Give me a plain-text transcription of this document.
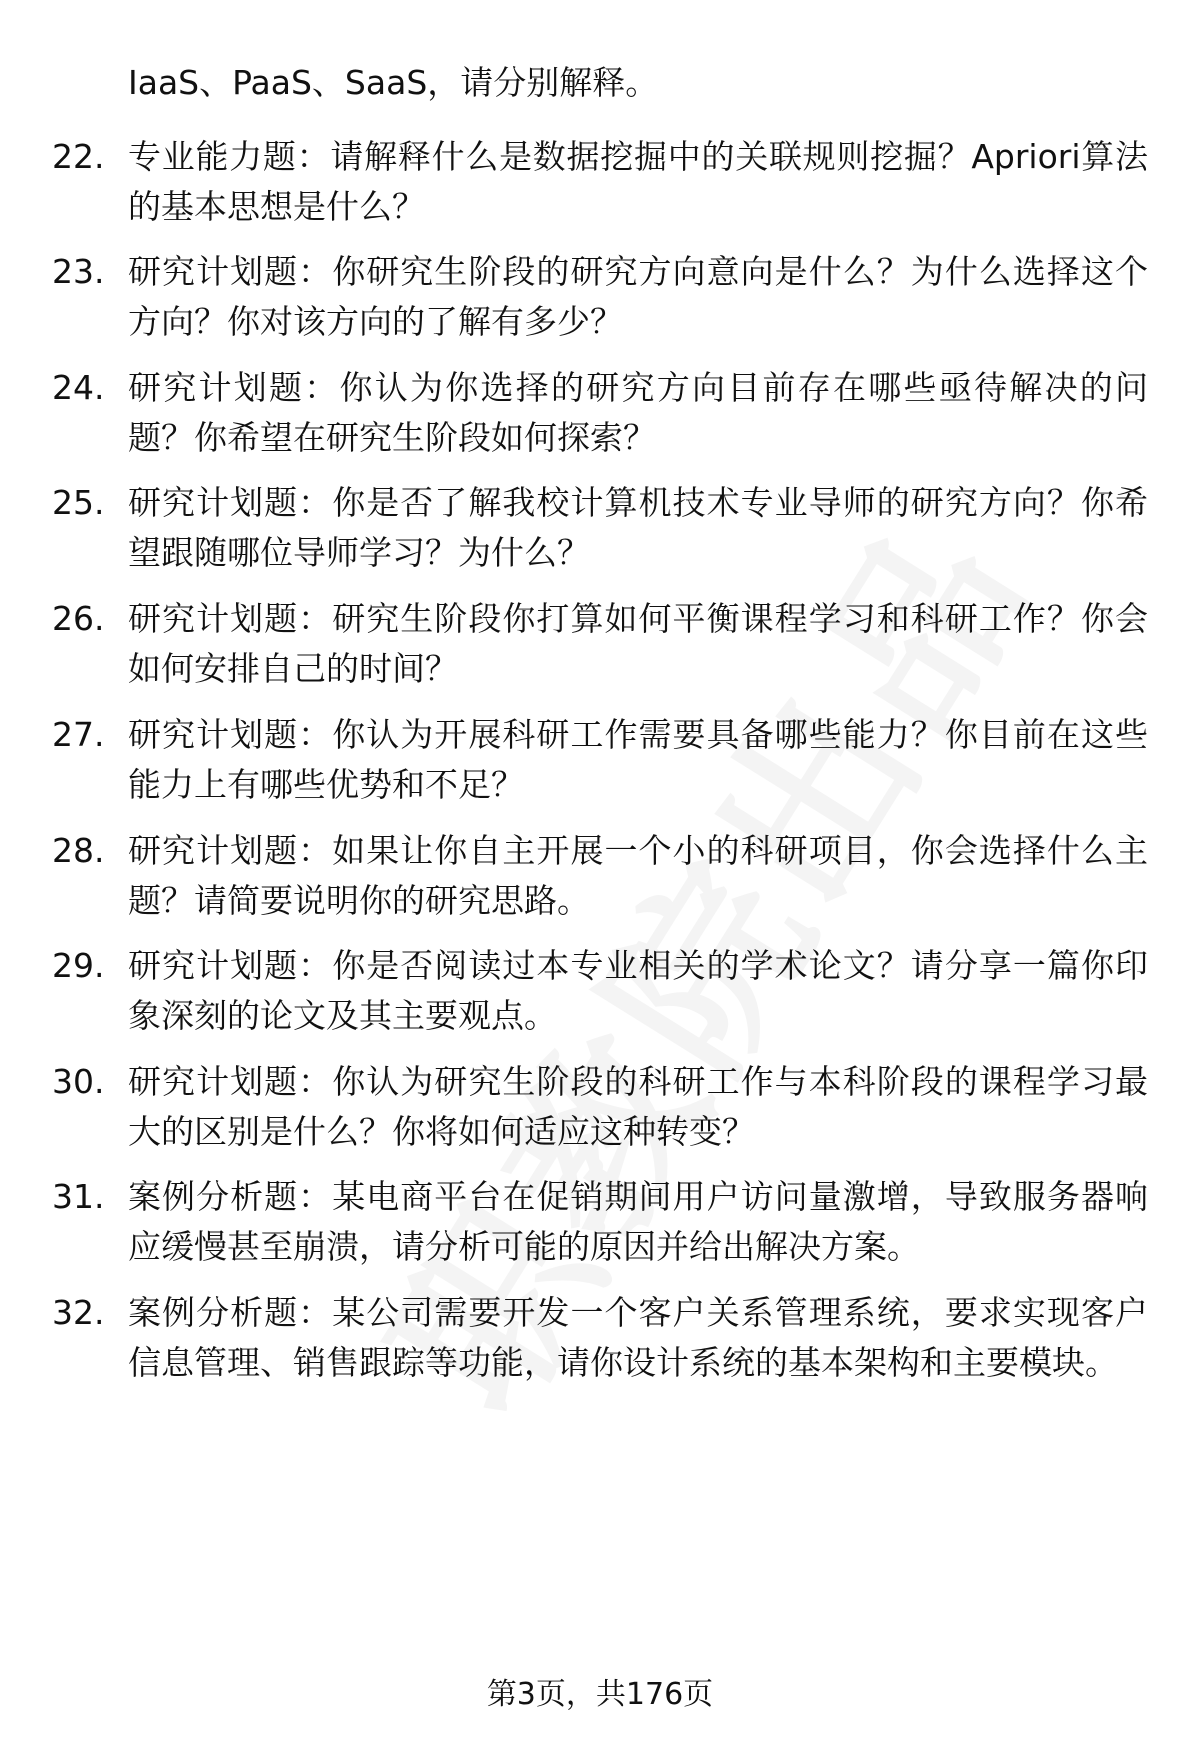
IaaS、PaaS、SaaS，请分别解释。
22. 专业能力题：请解释什么是数据挖掘中的关联规则挖掘？Apriori算法的基本思想是什么？
23. 研究计划题：你研究生阶段的研究方向意向是什么？为什么选择这个方向？你对该方向的了解有多少？
24. 研究计划题：你认为你选择的研究方向目前存在哪些亟待解决的问题？你希望在研究生阶段如何探索？
25. 研究计划题：你是否了解我校计算机技术专业导师的研究方向？你希望跟随哪位导师学习？为什么？
26. 研究计划题：研究生阶段你打算如何平衡课程学习和科研工作？你会如何安排自己的时间？
27. 研究计划题：你认为开展科研工作需要具备哪些能力？你目前在这些能力上有哪些优势和不足？
28. 研究计划题：如果让你自主开展一个小的科研项目，你会选择什么主题？请简要说明你的研究思路。
29. 研究计划题：你是否阅读过本专业相关的学术论文？请分享一篇你印象深刻的论文及其主要观点。
30. 研究计划题：你认为研究生阶段的科研工作与本科阶段的课程学习最大的区别是什么？你将如何适应这种转变？
31. 案例分析题：某电商平台在促销期间用户访问量激增，导致服务器响应缓慢甚至崩溃，请分析可能的原因并给出解决方案。
32. 案例分析题：某公司需要开发一个客户关系管理系统，要求实现客户信息管理、销售跟踪等功能，请你设计系统的基本架构和主要模块。
第3页，共176页
